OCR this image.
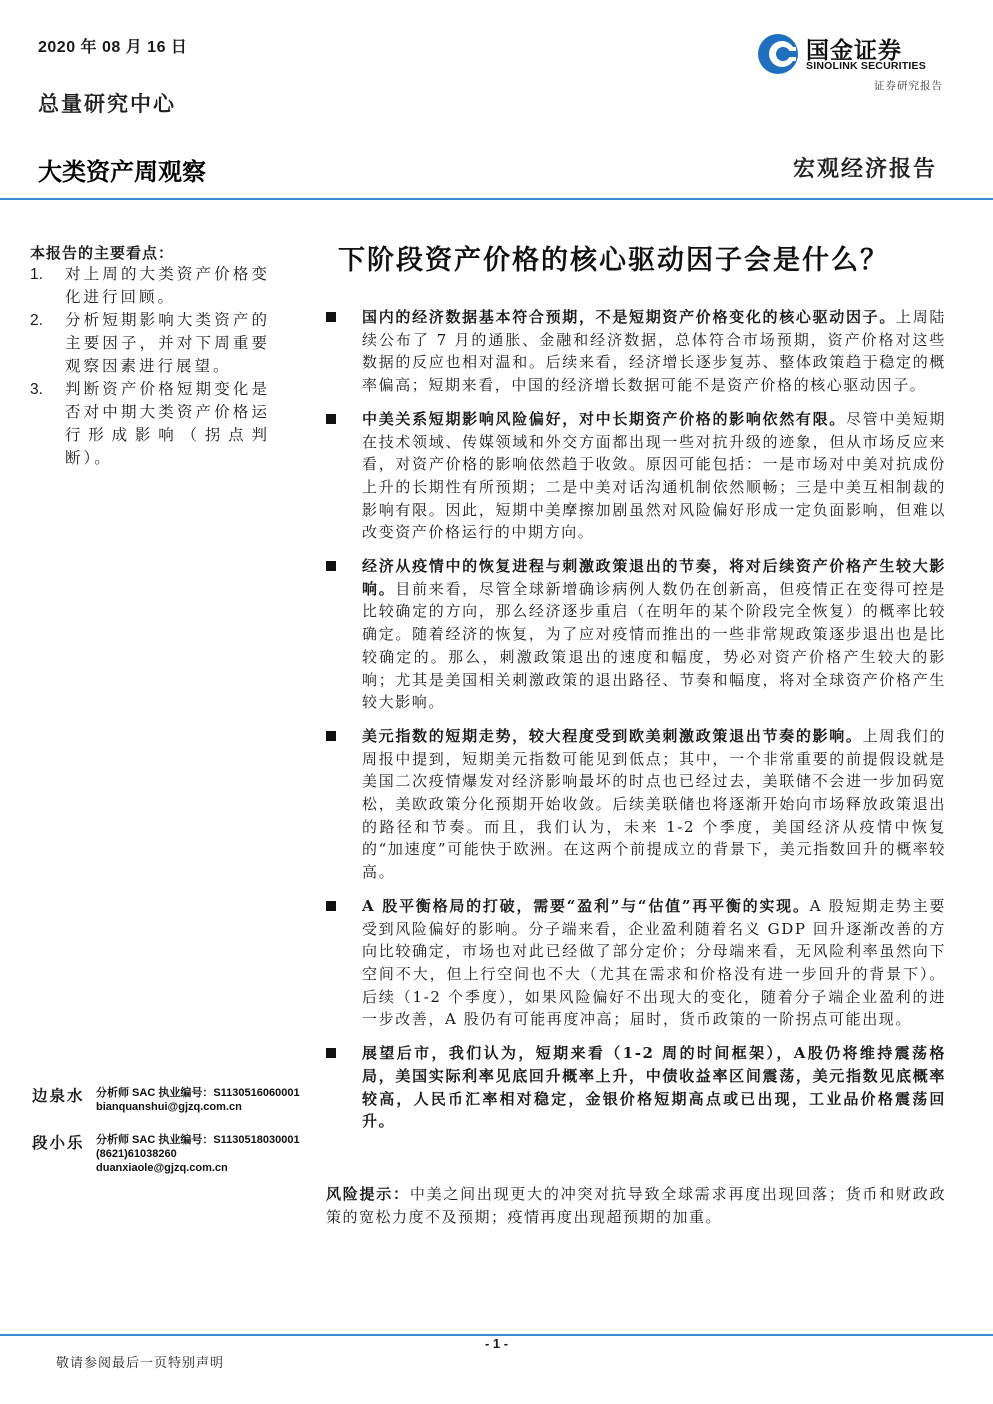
2020 年 08 月 16 日
总量研究中心
大类资产周观察	宏观经济报告
国金证券
SINOLINK SECURITIES
证券研究报告
本报告的主要看点：
1. 对上周的大类资产价格变化进行回顾。
2. 分析短期影响大类资产的主要因子，并对下周重要观察因素进行展望。
3. 判断资产价格短期变化是否对中期大类资产价格运行形成影响（拐点判断）。
下阶段资产价格的核心驱动因子会是什么？
国内的经济数据基本符合预期，不是短期资产价格变化的核心驱动因子。上周陆续公布了 7 月的通胀、金融和经济数据，总体符合市场预期，资产价格对这些数据的反应也相对温和。后续来看，经济增长逐步复苏、整体政策趋于稳定的概率偏高；短期来看，中国的经济增长数据可能不是资产价格的核心驱动因子。
中美关系短期影响风险偏好，对中长期资产价格的影响依然有限。尽管中美短期在技术领域、传媒领域和外交方面都出现一些对抗升级的迹象，但从市场反应来看，对资产价格的影响依然趋于收敛。原因可能包括：一是市场对中美对抗成份上升的长期性有所预期；二是中美对话沟通机制依然顺畅；三是中美互相制裁的影响有限。因此，短期中美摩擦加剧虽然对风险偏好形成一定负面影响，但难以改变资产价格运行的中期方向。
经济从疫情中的恢复进程与刺激政策退出的节奏，将对后续资产价格产生较大影响。目前来看，尽管全球新增确诊病例人数仍在创新高，但疫情正在变得可控是比较确定的方向，那么经济逐步重启（在明年的某个阶段完全恢复）的概率比较确定。随着经济的恢复，为了应对疫情而推出的一些非常规政策逐步退出也是比较确定的。那么，刺激政策退出的速度和幅度，势必对资产价格产生较大的影响；尤其是美国相关刺激政策的退出路径、节奏和幅度，将对全球资产价格产生较大影响。
美元指数的短期走势，较大程度受到欧美刺激政策退出节奏的影响。上周我们的周报中提到，短期美元指数可能见到低点；其中，一个非常重要的前提假设就是美国二次疫情爆发对经济影响最坏的时点也已经过去，美联储不会进一步加码宽松，美欧政策分化预期开始收敛。后续美联储也将逐渐开始向市场释放政策退出的路径和节奏。而且，我们认为，未来 1-2 个季度，美国经济从疫情中恢复的“加速度”可能快于欧洲。在这两个前提成立的背景下，美元指数回升的概率较高。
A 股平衡格局的打破，需要“盈利”与“估值”再平衡的实现。A 股短期走势主要受到风险偏好的影响。分子端来看，企业盈利随着名义 GDP 回升逐渐改善的方向比较确定，市场也对此已经做了部分定价；分母端来看，无风险利率虽然向下空间不大，但上行空间也不大（尤其在需求和价格没有进一步回升的背景下）。后续（1-2 个季度），如果风险偏好不出现大的变化，随着分子端企业盈利的进一步改善，A 股仍有可能再度冲高；届时，货币政策的一阶拐点可能出现。
展望后市，我们认为，短期来看（1-2 周的时间框架），A股仍将维持震荡格局，美国实际利率见底回升概率上升，中债收益率区间震荡，美元指数见底概率较高，人民币汇率相对稳定，金银价格短期高点或已出现，工业品价格震荡回升。
风险提示：中美之间出现更大的冲突对抗导致全球需求再度出现回落；货币和财政政策的宽松力度不及预期；疫情再度出现超预期的加重。
边泉水 分析师 SAC 执业编号：S1130516060001
bianquanshui@gjzq.com.cn
段小乐 分析师 SAC 执业编号：S1130518030001
(8621)61038260
duanxiaole@gjzq.com.cn
- 1 -
敬请参阅最后一页特别声明
